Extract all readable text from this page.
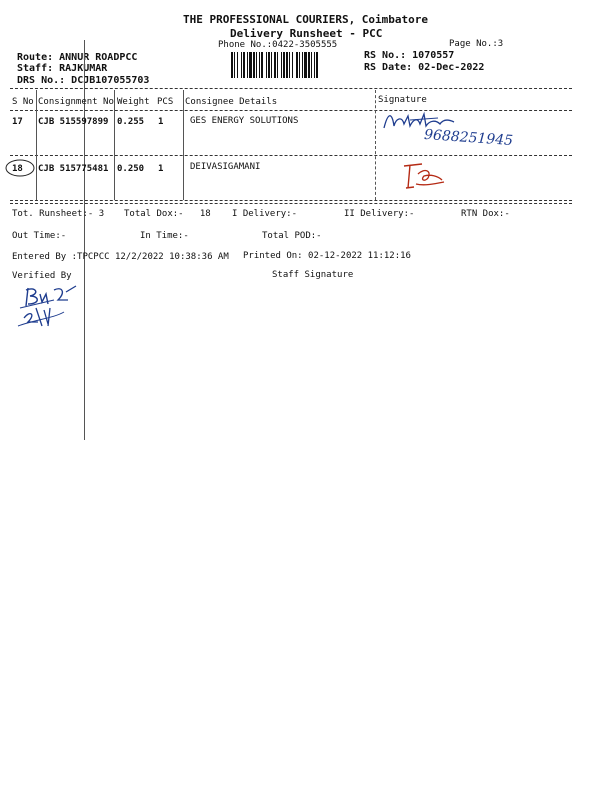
THE PROFESSIONAL COURIERS, Coimbatore
Delivery Runsheet - PCC
Phone No.:0422-3505555	Page No.:3
Route: ANNUR ROADPCC
Staff: RAJKUMAR
DRS No.: DCJB107055703
RS No.: 1070557
RS Date: 02-Dec-2022
S No Consignment No Weight PCS Consignee Details	Signature
17 CJB 515597899 0.255 1	GES ENERGY SOLUTIONS
9688251945
18 CJB 515775481 0.250 1	DEIVASIGAMANI
Tot. Runsheet:- 3 Total Dox:-   18 I Delivery:-	II Delivery:-	RTN Dox:-
Out Time:-	In Time:-	Total POD:-
Entered By :TPCPCC 12/2/2022 10:38:36 AM Printed On: 02-12-2022 11:12:16
Verified By	Staff Signature
